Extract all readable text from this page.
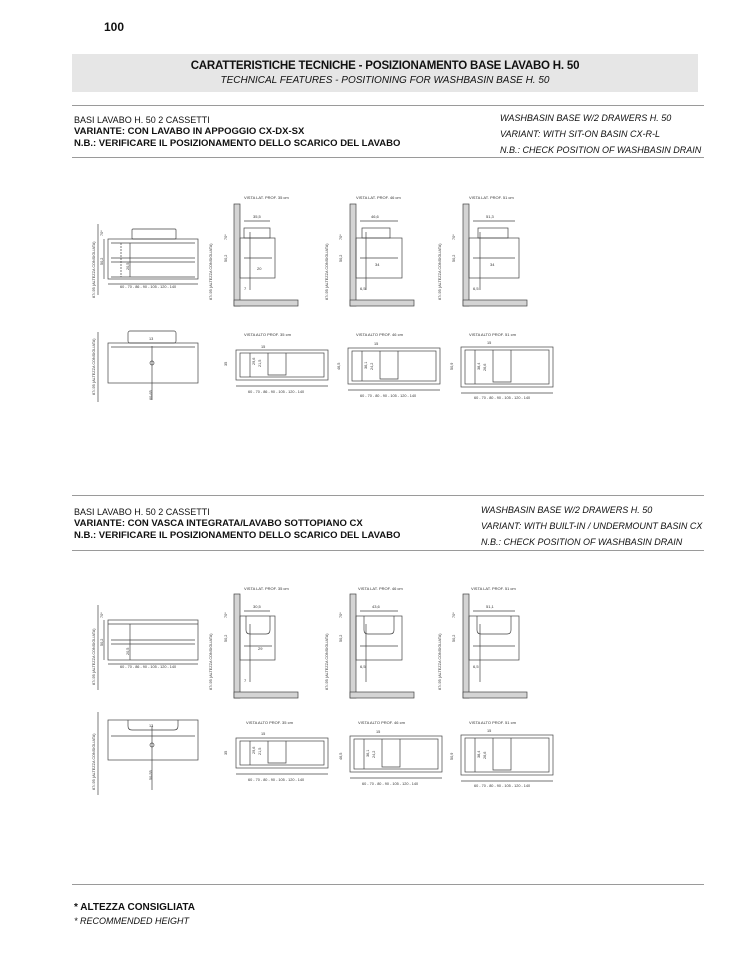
100
CARATTERISTICHE TECNICHE - POSIZIONAMENTO BASE LAVABO H. 50
TECHNICAL FEATURES - POSITIONING FOR WASHBASIN BASE H. 50
BASI LAVABO H. 50 2 CASSETTI
VARIANTE: CON LAVABO IN APPOGGIO CX-DX-SX
N.B.: VERIFICARE IL POSIZIONAMENTO DELLO SCARICO DEL LAVABO
WASHBASIN BASE W/2 DRAWERS H. 50
VARIANT: WITH SIT-ON BASIN CX-R-L
N.B.: CHECK POSITION OF WASHBASIN DRAIN
BASI LAVABO H. 50 2 CASSETTI
VARIANTE: CON VASCA INTEGRATA/LAVABO SOTTOPIANO CX
N.B.: VERIFICARE IL POSIZIONAMENTO DELLO SCARICO DEL LAVABO
WASHBASIN BASE W/2 DRAWERS H. 50
VARIANT: WITH BUILT-IN / UNDERMOUNT BASIN CX
N.B.: CHECK POSITION OF WASHBASIN DRAIN
87/-95 (ALTEZZA CONSIGLIATA)
70*
50,2
20,5
60 - 70 - 86 - 90 - 105 - 120 - 140
VISTA LAT. PROF. 35 cm
35,5
87/-95 (ALTEZZA CONSIGLIATA)
70*
50,2
20
7
VISTA LAT. PROF. 46 cm
46,6
87/-95 (ALTEZZA CONSIGLIATA)
70*
50,2
34
6,5
VISTA LAT. PROF. 51 cm
51,3
87/-95 (ALTEZZA CONSIGLIATA)
70*
50,2
34
6,5
13
87/-95 (ALTEZZA CONSIGLIATA)
60-65
VISTA ALTO PROF. 35 cm
35	29,6 21,5
15
60 - 70 - 86 - 90 - 105 - 120 - 140
VISTA ALTO PROF. 46 cm
46,5	36,1 24,2
15
60 - 70 - 80 - 90 - 105 - 120 - 140
VISTA ALTO PROF. 51 cm
50,9	38,4 26,6
15
60 - 70 - 80 - 90 - 105 - 120 - 140
87/-95 (ALTEZZA CONSIGLIATA)
70*
50,2
20,5
60 - 70 - 86 - 90 - 105 - 120 - 140
VISTA LAT. PROF. 35 cm
30,5
87/-95 (ALTEZZA CONSIGLIATA)
70*
50,2
29
7
VISTA LAT. PROF. 46 cm
43,6
87/-95 (ALTEZZA CONSIGLIATA)
70*
50,2
6,5
VISTA LAT. PROF. 51 cm
51,1
87/-95 (ALTEZZA CONSIGLIATA)
70*
50,2
6,5
13
87/-95 (ALTEZZA CONSIGLIATA)	50-55
VISTA ALTO PROF. 35 cm
35	29,6 21,5
15
60 - 70 - 80 - 90 - 105 - 120 - 140
VISTA ALTO PROF. 46 cm
46,5	36,1 24,2
15
60 - 70 - 80 - 90 - 105 - 120 - 140
VISTA ALTO PROF. 51 cm
50,9	38,4 26,6
15
60 - 70 - 80 - 90 - 105 - 120 - 140
* ALTEZZA CONSIGLIATA
* RECOMMENDED HEIGHT
